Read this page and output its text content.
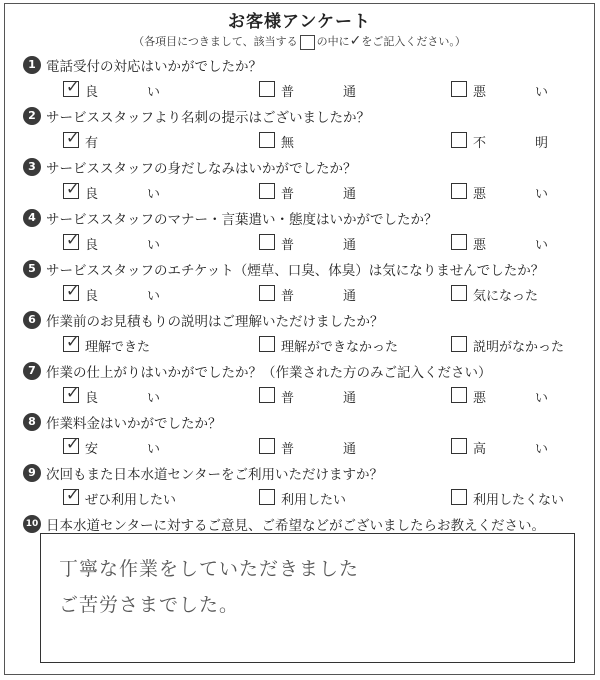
お客様アンケート
（各項目につきまして、該当する の中に✓をご記入ください。）
1 電話受付の対応はいかがでしたか？
✓ 良	い	普	通	悪	い
2 サービススタッフより名刺の提示はございましたか？
✓ 有	無	不	明
3 サービススタッフの身だしなみはいかがでしたか？
✓ 良	い	普	通	悪	い
4 サービススタッフのマナー・言葉遣い・態度はいかがでしたか？
✓ 良	い	普	通	悪	い
5 サービススタッフのエチケット（煙草、口臭、体臭）は気になりませんでしたか？
✓ 良	い	普	通	気になった
6 作業前のお見積もりの説明はご理解いただけましたか？
✓ 理解できた	理解ができなかった	説明がなかった
7 作業の仕上がりはいかがでしたか？（作業された方のみご記入ください）
✓ 良	い	普	通	悪	い
8 作業料金はいかがでしたか？
✓ 安	い	普	通	高	い
9 次回もまた日本水道センターをご利用いただけますか？
✓ ぜひ利用したい	利用したい	利用したくない
10 日本水道センターに対するご意見、ご希望などがございましたらお教えください。
丁寧な作業をしていただきました
ご苦労さまでした。
